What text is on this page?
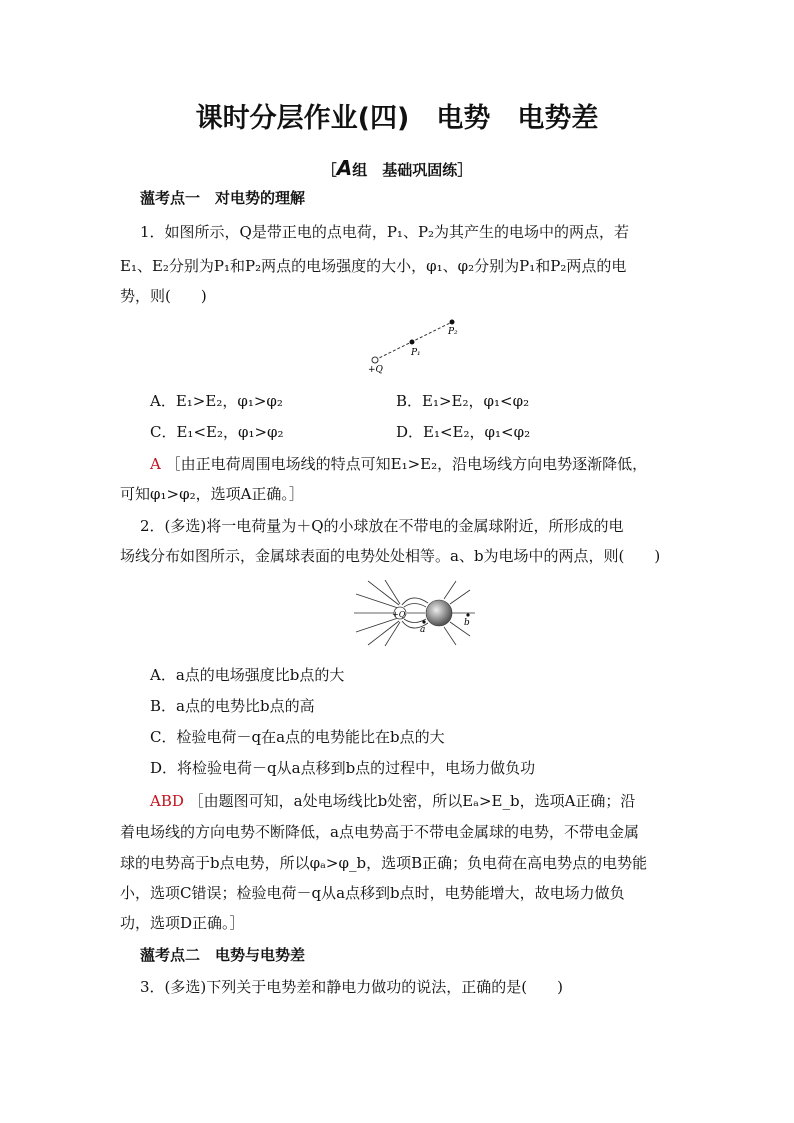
课时分层作业(四)　电势　电势差
［A组　基础巩固练］
薀考点一　对电势的理解
1．如图所示，Q是带正电的点电荷，P₁、P₂为其产生的电场中的两点，若
E₁、E₂分别为P₁和P₂两点的电场强度的大小，φ₁、φ₂分别为P₁和P₂两点的电
势，则(　　)
+Q
P₁
P₂
A．E₁>E₂，φ₁>φ₂	B．E₁>E₂，φ₁<φ₂
C．E₁<E₂，φ₁>φ₂	D．E₁<E₂，φ₁<φ₂
A ［由正电荷周围电场线的特点可知E₁>E₂，沿电场线方向电势逐渐降低，
可知φ₁>φ₂，选项A正确。］
2．(多选)将一电荷量为＋Q的小球放在不带电的金属球附近，所形成的电
场线分布如图所示，金属球表面的电势处处相等。a、b为电场中的两点，则(　　)
+Q
a
b
A．a点的电场强度比b点的大
B．a点的电势比b点的高
C．检验电荷－q在a点的电势能比在b点的大
D．将检验电荷－q从a点移到b点的过程中，电场力做负功
ABD ［由题图可知，a处电场线比b处密，所以Eₐ>E_b，选项A正确；沿
着电场线的方向电势不断降低，a点电势高于不带电金属球的电势，不带电金属
球的电势高于b点电势，所以φₐ>φ_b，选项B正确；负电荷在高电势点的电势能
小，选项C错误；检验电荷－q从a点移到b点时，电势能增大，故电场力做负
功，选项D正确。］
薀考点二　电势与电势差
3．(多选)下列关于电势差和静电力做功的说法，正确的是(　　)
